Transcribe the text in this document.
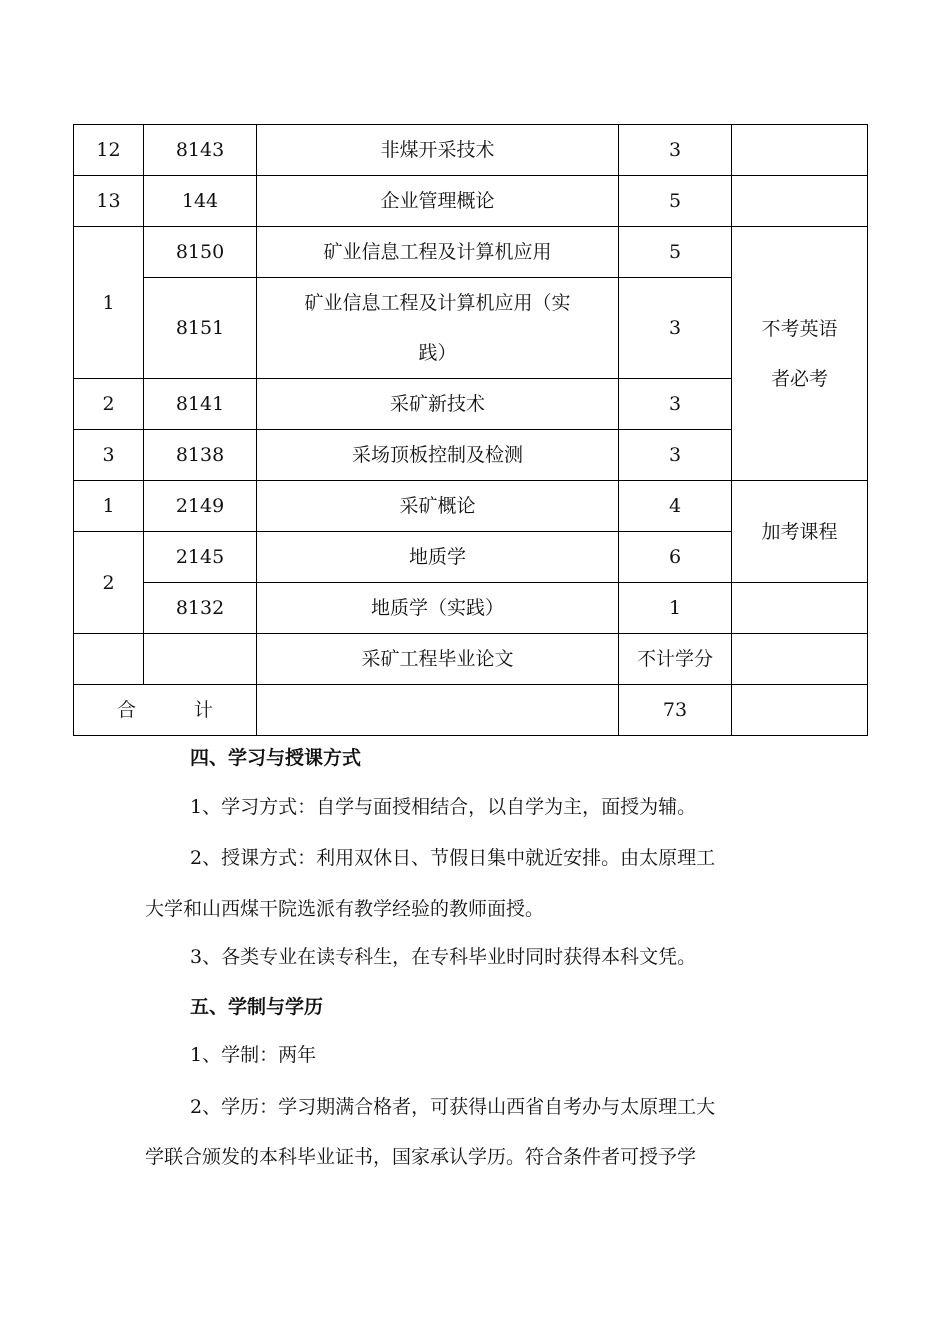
12	8143	非煤开采技术	3	
13	144	企业管理概论	5	
1	8150	矿业信息工程及计算机应用	5	不考英语
者必考

	8151	矿业信息工程及计算机应用（实
践）	3	
2	8141	采矿新技术	3	
3	8138	采场顶板控制及检测	3	
1	2149	采矿概论	4	加考课程
2	2145	地质学	6	
	8132	地质学（实践）	1	
		采矿工程毕业论文	不计学分	
合 计			73	
四、学习与授课方式
1、学习方式：自学与面授相结合，以自学为主，面授为辅。
2、授课方式：利用双休日、节假日集中就近安排。由太原理工
大学和山西煤干院选派有教学经验的教师面授。
3、各类专业在读专科生，在专科毕业时同时获得本科文凭。
五、学制与学历
1、学制：两年
2、学历：学习期满合格者，可获得山西省自考办与太原理工大
学联合颁发的本科毕业证书，国家承认学历。符合条件者可授予学
